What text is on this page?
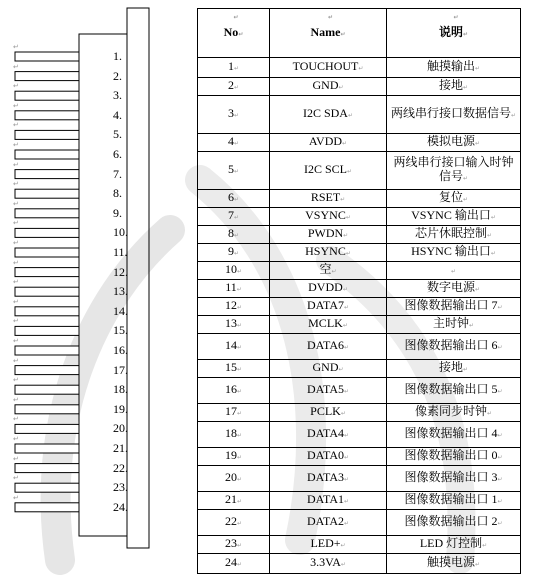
1.
↵
2.
↵
3.
↵
4.
↵
5.
↵
6.
↵
7.
↵
8.
↵
9.
↵
10.
↵
11.
↵
12.
↵
13.
↵
14.
↵
15.
↵
16.
↵
17.
↵
18.
↵
19.
↵
20.
↵
21.
↵
22.
↵
23.
↵
24.
↵
↵
No↵	↵
Name↵	↵
说明↵
1↵	TOUCHOUT↵	触摸输出↵
2↵	GND↵	接地↵
3↵	I2C SDA↵	两线串行接口数据信号↵
4↵	AVDD↵	模拟电源↵
5↵	I2C SCL↵	两线串行接口输入时钟信号↵
6↵	RSET↵	复位↵
7↵	VSYNC↵	VSYNC 输出口↵
8↵	PWDN↵	芯片休眠控制↵
9↵	HSYNC↵	HSYNC 输出口↵
10↵	空↵	↵
11↵	DVDD↵	数字电源↵
12↵	DATA7↵	图像数据输出口 7↵
13↵	MCLK↵	主时钟↵
14↵	DATA6↵	图像数据输出口 6↵
15↵	GND↵	接地↵
16↵	DATA5↵	图像数据输出口 5↵
17↵	PCLK↵	像素同步时钟↵
18↵	DATA4↵	图像数据输出口 4↵
19↵	DATA0↵	图像数据输出口 0↵
20↵	DATA3↵	图像数据输出口 3↵
21↵	DATA1↵	图像数据输出口 1↵
22↵	DATA2↵	图像数据输出口 2↵
23↵	LED+↵	LED 灯控制↵
24↵	3.3VA↵	触摸电源↵
